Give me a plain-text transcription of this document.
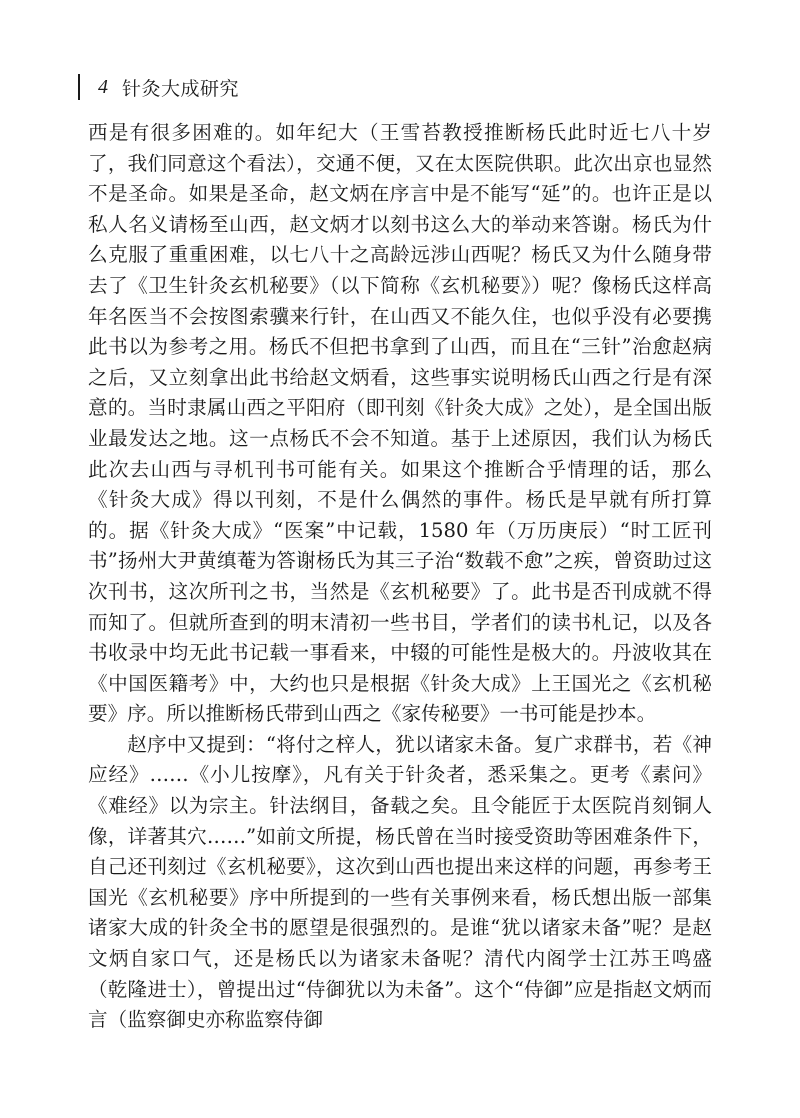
4 针灸大成研究

西是有很多困难的。如年纪大（王雪苔教授推断杨氏此时近七八十岁了，我们同意这个看法），交通不便，又在太医院供职。此次出京也显然不是圣命。如果是圣命，赵文炳在序言中是不能写“延”的。也许正是以私人名义请杨至山西，赵文炳才以刻书这么大的举动来答谢。杨氏为什么克服了重重困难，以七八十之高龄远涉山西呢？杨氏又为什么随身带去了《卫生针灸玄机秘要》（以下简称《玄机秘要》）呢？像杨氏这样高年名医当不会按图索骥来行针，在山西又不能久住，也似乎没有必要携此书以为参考之用。杨氏不但把书拿到了山西，而且在“三针”治愈赵病之后，又立刻拿出此书给赵文炳看，这些事实说明杨氏山西之行是有深意的。当时隶属山西之平阳府（即刊刻《针灸大成》之处），是全国出版业最发达之地。这一点杨氏不会不知道。基于上述原因，我们认为杨氏此次去山西与寻机刊书可能有关。如果这个推断合乎情理的话，那么《针灸大成》得以刊刻，不是什么偶然的事件。杨氏是早就有所打算的。据《针灸大成》“医案”中记载，1580 年（万历庚辰）“时工匠刊书”扬州大尹黄缜菴为答谢杨氏为其三子治“数载不愈”之疾，曾资助过这次刊书，这次所刊之书，当然是《玄机秘要》了。此书是否刊成就不得而知了。但就所查到的明末清初一些书目，学者们的读书札记，以及各书收录中均无此书记载一事看来，中辍的可能性是极大的。丹波收其在《中国医籍考》中，大约也只是根据《针灸大成》上王国光之《玄机秘要》序。所以推断杨氏带到山西之《家传秘要》一书可能是抄本。

赵序中又提到：“将付之梓人，犹以诸家未备。复广求群书，若《神应经》……《小儿按摩》，凡有关于针灸者，悉采集之。更考《素问》《难经》以为宗主。针法纲目，备载之矣。且令能匠于太医院肖刻铜人像，详著其穴……”如前文所提，杨氏曾在当时接受资助等困难条件下，自己还刊刻过《玄机秘要》，这次到山西也提出来这样的问题，再参考王国光《玄机秘要》序中所提到的一些有关事例来看，杨氏想出版一部集诸家大成的针灸全书的愿望是很强烈的。是谁“犹以诸家未备”呢？是赵文炳自家口气，还是杨氏以为诸家未备呢？清代内阁学士江苏王鸣盛（乾隆进士），曾提出过“侍御犹以为未备”。这个“侍御”应是指赵文炳而言（监察御史亦称监察侍御
